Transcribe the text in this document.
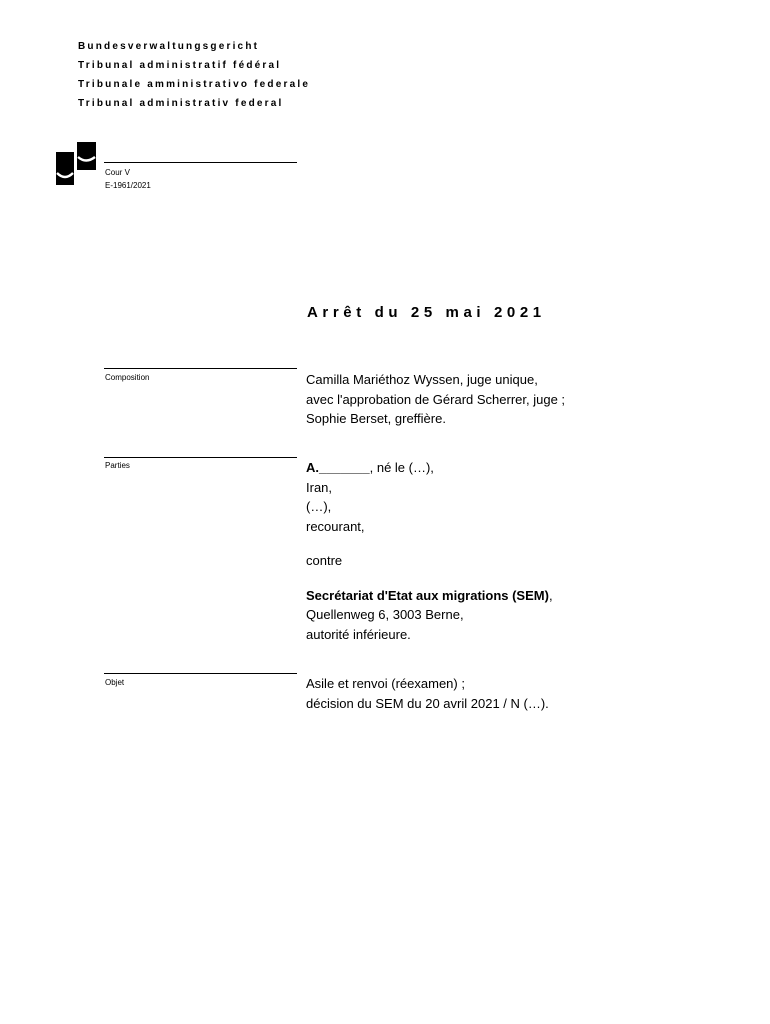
Bundesverwaltungsgericht
Tribunal administratif fédéral
Tribunale amministrativo federale
Tribunal administrativ federal
Cour V
E-1961/2021
Arrêt du 25 mai 2021
Composition	Camilla Mariéthoz Wyssen, juge unique,

avec l'approbation de Gérard Scherrer, juge ;

Sophie Berset, greffière.

Parties	A._______, né le (…),

Iran,

(…),

recourant,

contre

Secrétariat d'Etat aux migrations (SEM),

Quellenweg 6, 3003 Berne,

autorité inférieure.

Objet	Asile et renvoi (réexamen) ;

décision du SEM du 20 avril 2021 / N (…).
